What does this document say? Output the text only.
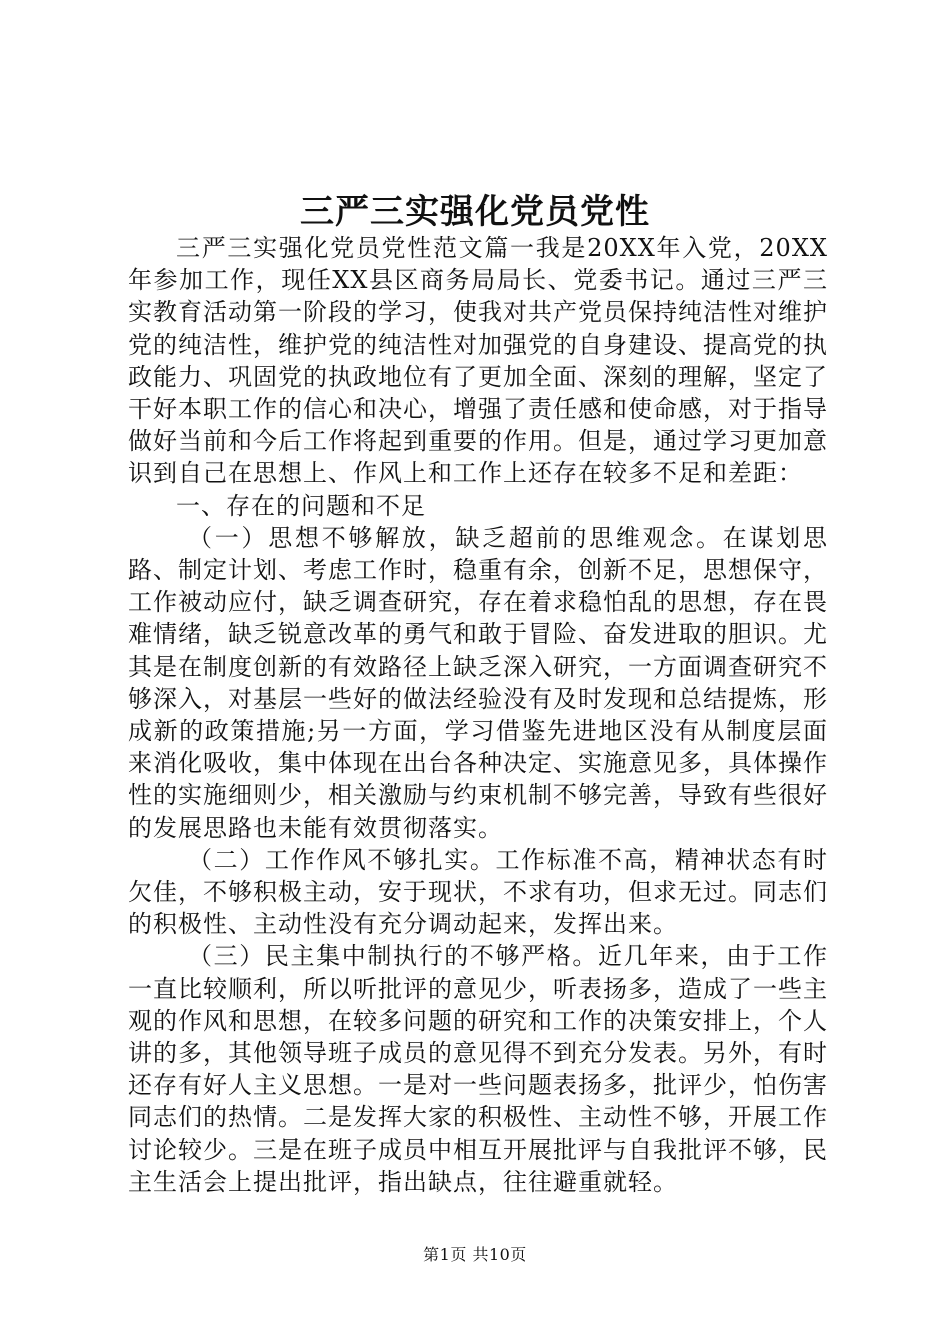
三严三实强化党员党性

三严三实强化党员党性范文篇一我是20XX年入党，20XX年参加工作，现任XX县区商务局局长、党委书记。通过三严三实教育活动第一阶段的学习，使我对共产党员保持纯洁性对维护党的纯洁性，维护党的纯洁性对加强党的自身建设、提高党的执政能力、巩固党的执政地位有了更加全面、深刻的理解，坚定了干好本职工作的信心和决心，增强了责任感和使命感，对于指导做好当前和今后工作将起到重要的作用。但是，通过学习更加意识到自己在思想上、作风上和工作上还存在较多不足和差距：

一、存在的问题和不足

（一）思想不够解放，缺乏超前的思维观念。在谋划思路、制定计划、考虑工作时，稳重有余，创新不足，思想保守，工作被动应付，缺乏调查研究，存在着求稳怕乱的思想，存在畏难情绪，缺乏锐意改革的勇气和敢于冒险、奋发进取的胆识。尤其是在制度创新的有效路径上缺乏深入研究，一方面调查研究不够深入，对基层一些好的做法经验没有及时发现和总结提炼，形成新的政策措施;另一方面，学习借鉴先进地区没有从制度层面来消化吸收，集中体现在出台各种决定、实施意见多，具体操作性的实施细则少，相关激励与约束机制不够完善，导致有些很好的发展思路也未能有效贯彻落实。

（二）工作作风不够扎实。工作标准不高，精神状态有时欠佳，不够积极主动，安于现状，不求有功，但求无过。同志们的积极性、主动性没有充分调动起来，发挥出来。

（三）民主集中制执行的不够严格。近几年来，由于工作一直比较顺利，所以听批评的意见少，听表扬多，造成了一些主观的作风和思想，在较多问题的研究和工作的决策安排上，个人讲的多，其他领导班子成员的意见得不到充分发表。另外，有时还存有好人主义思想。一是对一些问题表扬多，批评少，怕伤害同志们的热情。二是发挥大家的积极性、主动性不够，开展工作讨论较少。三是在班子成员中相互开展批评与自我批评不够，民主生活会上提出批评，指出缺点，往往避重就轻。

第1页 共10页
